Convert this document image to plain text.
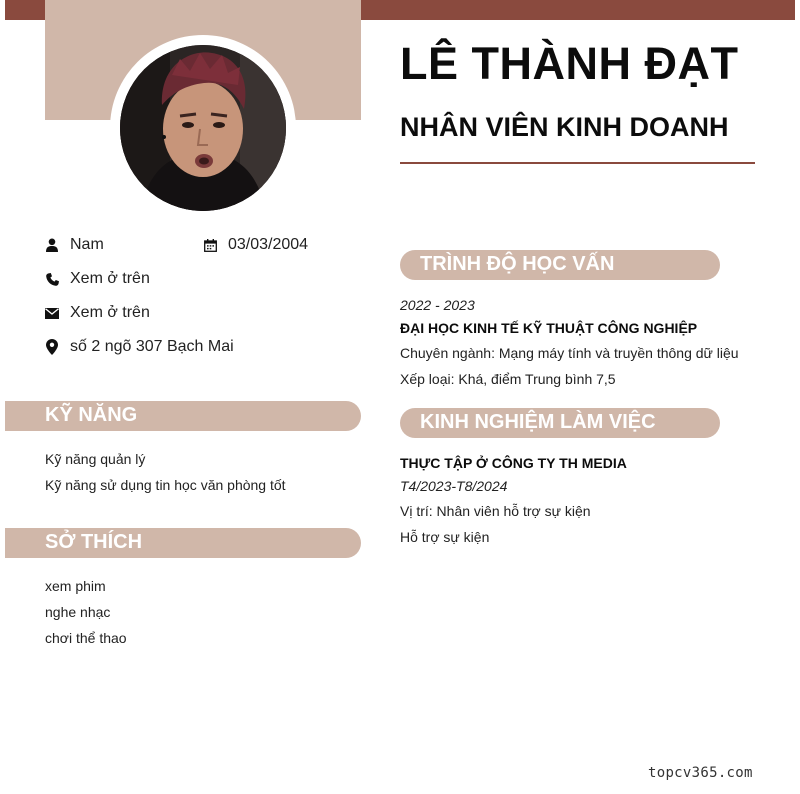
LÊ THÀNH ĐẠT
NHÂN VIÊN KINH DOANH
Nam	03/03/2004
Xem ở trên
Xem ở trên
số 2 ngõ 307 Bạch Mai
KỸ NĂNG
Kỹ năng quản lý
Kỹ năng sử dụng tin học văn phòng tốt
SỞ THÍCH
xem phim
nghe nhạc
chơi thể thao
TRÌNH ĐỘ HỌC VẤN
2022 - 2023
ĐẠI HỌC KINH TẾ KỸ THUẬT CÔNG NGHIỆP
Chuyên ngành: Mạng máy tính và truyền thông dữ liệu
Xếp loại: Khá, điểm Trung bình 7,5
KINH NGHIỆM LÀM VIỆC
THỰC TẬP Ở CÔNG TY TH MEDIA
T4/2023-T8/2024
Vị trí: Nhân viên hỗ trợ sự kiện
Hỗ trợ sự kiện
topcv365.com
